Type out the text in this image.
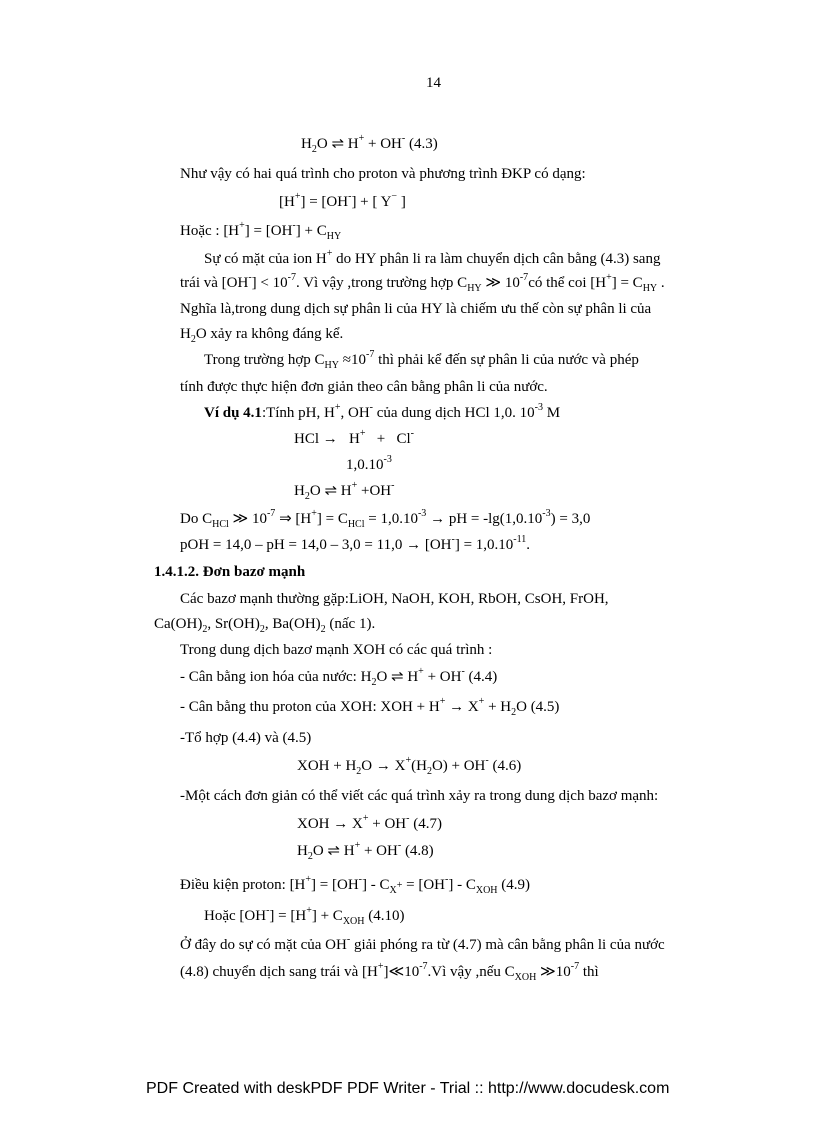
14
$H_2O$ ⇌ H+ + OH- (4.3)
Như vậy có hai quá trình cho proton và phương trình ĐKP có dạng:
[H+] = [OH-] + [ Y− ]
Hoặc : $[H^+] = [OH^-] + C_{HY}$
Sự có mặt của ion H+ do HY phân li ra làm chuyển dịch cân bằng (4.3) sang
trái và $[OH^-] < 10^{-7}$. Vì vậy ,trong trường hợp $C_{HY}$ ≫ $10^{-7}có$ thể coi $[H^+] = C_{HY}$ .
Nghĩa là,trong dung dịch sự phân li của HY là chiếm ưu thế còn sự phân li của
$H_2O$ xảy ra không đáng kể.
Trong trường hợp $C_{HY} \approx 10^{-7}$ thì phải kể đến sự phân li của nước và phép
tính được thực hiện đơn giản theo cân bằng phân li của nước.
Ví dụ 4.1:Tính pH, H+, OH- của dung dịch HCl 1,0. $10^{-3}$ M
HCl → H+ + Cl-
$1,0.10^{-3}$
$H_2O$ ⇌ H+ +OH-
Do $C_{HCl}$ ≫ $10^{-7}$ ⇒ $[H^+] = C_{HCl} = 1,0.10^{-3}$ → pH = $-\lg(1,0.10^{-3}) = 3,0$
pOH = 14,0 – pH = $14,0 - 3,0 = 11,0 \to [OH^-] = 1,0.10^{-11}$.
1.4.1.2. Đơn bazơ mạnh
Các bazơ mạnh thường gặp:LiOH, NaOH, KOH, RbOH, CsOH, FrOH,
$Ca(OH)_2$, $Sr(OH)_2$, $Ba(OH)_2$ (nấc 1).
Trong dung dịch bazơ mạnh XOH có các quá trình :
- Cân bằng ion hóa của nước: $H_2O$ ⇌ H+ + OH- (4.4)
- Cân bằng thu proton của XOH: XOH + $H^+ \to X^+ + H_2O$ (4.5)
-Tổ hợp (4.4) và (4.5)
XOH + $H_2O \to X^+(H_2O) + OH^-$ (4.6)
-Một cách đơn giản có thể viết các quá trình xảy ra trong dung dịch bazơ mạnh:
XOH → X+ + OH- (4.7)
$H_2O$ ⇌ H+ + OH- (4.8)
Điều kiện proton: $[H^+] = [OH^-] - C_{X^+} = [OH^-] - C_{XOH}$ (4.9)
Hoặc $[OH^-] = [H^+] + C_{XOH}$ (4.10)
Ở đây do sự có mặt của OH- giải phóng ra từ (4.7) mà cân bằng phân li của nước
(4.8) chuyển dịch sang trái và $[H^+]≪10^{-7}.Vì$ vậy ,nếu $C_{XOH}$ $≫10^{-7}$ thì
PDF Created with deskPDF PDF Writer - Trial :: http://www.docudesk.com
